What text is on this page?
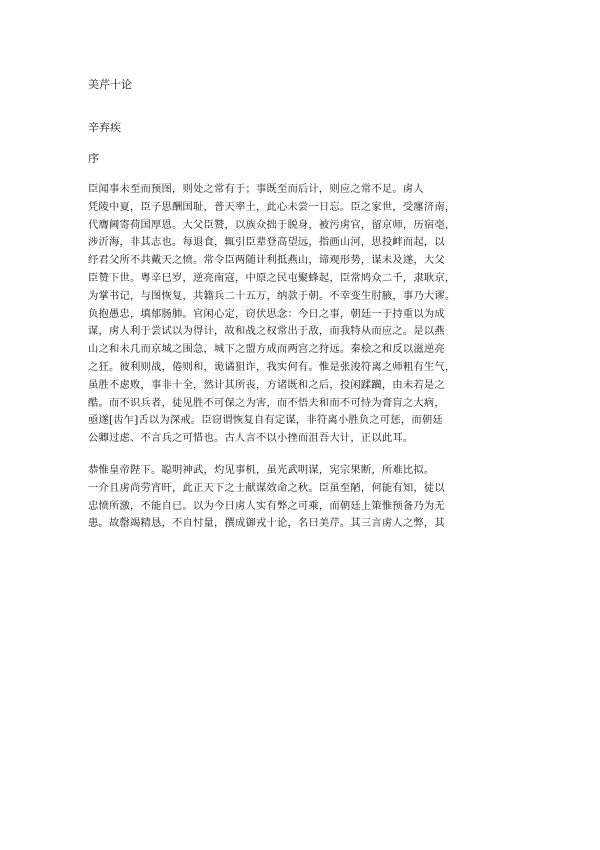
美芹十论

辛弃疾

序
臣闻事未至而预图，则处之常有于；事既至而后计，则应之常不足。虏人
凭陵中夏，臣子思酬国耻，普天率土，此心未尝一日忘。臣之家世，受廛济南，
代膺阃寄荷国厚恩。大父臣赞，以族众拙于脱身，被污虏官，留京师，历宿亳，
涉沂海，非其志也。每退食，辄引臣辈登高望远，指画山河，思投衅而起，以
纾君父所不共戴天之愤。常令臣两随计利抵燕山，谛观形势，谋未及遂，大父
臣赞下世。粤辛巳岁，逆亮南寇，中原之民屯聚蜂起，臣常鸠众二千，隶耿京，
为掌书记，与图恢复，共籍兵二十五万，纳款于朝。不幸变生肘腋，事乃大谬。
负抱愚忠，填郁肠肺。官闲心定，窃伏思念：今日之事，朝廷一于持重以为成
谋，虏人利于尝试以为得计，故和战之权常出于敌，而我特从而应之。是以燕
山之和未几而京城之围急，城下之盟方成而两宫之狩远。秦桧之和反以滋逆亮
之狂。彼利则战，倦则和，诡谲狙诈，我实何有。惟是张浚符离之师粗有生气，
虽胜不虑败，事非十全，然计其所丧，方诸既和之后，投闲蹂躏，由未若是之
酷。而不识兵者，徒见胜不可保之为害，而不悟夫和而不可恃为膏肓之大病，
亟遂[齿乍]舌以为深戒。臣窃谓恢复自有定谋，非符离小胜负之可惩，而朝廷
公卿过虑、不言兵之可惜也。古人言不以小挫而沮吾大计，正以此耳。
恭惟皇帝陛下。聪明神武，灼见事机，虽光武明谋，宪宗果断，所难比拟。
一介且虏尚劳宵旰，此正天下之士献谋效命之秋。臣虽至陋，何能有知，徒以
忠愤所激，不能自已。以为今日虏人实有弊之可乘，而朝廷上策惟预备乃为无
患。故罄竭精恳，不自忖量，撰成御戎十论，名曰美芹。其三言虏人之弊，其
